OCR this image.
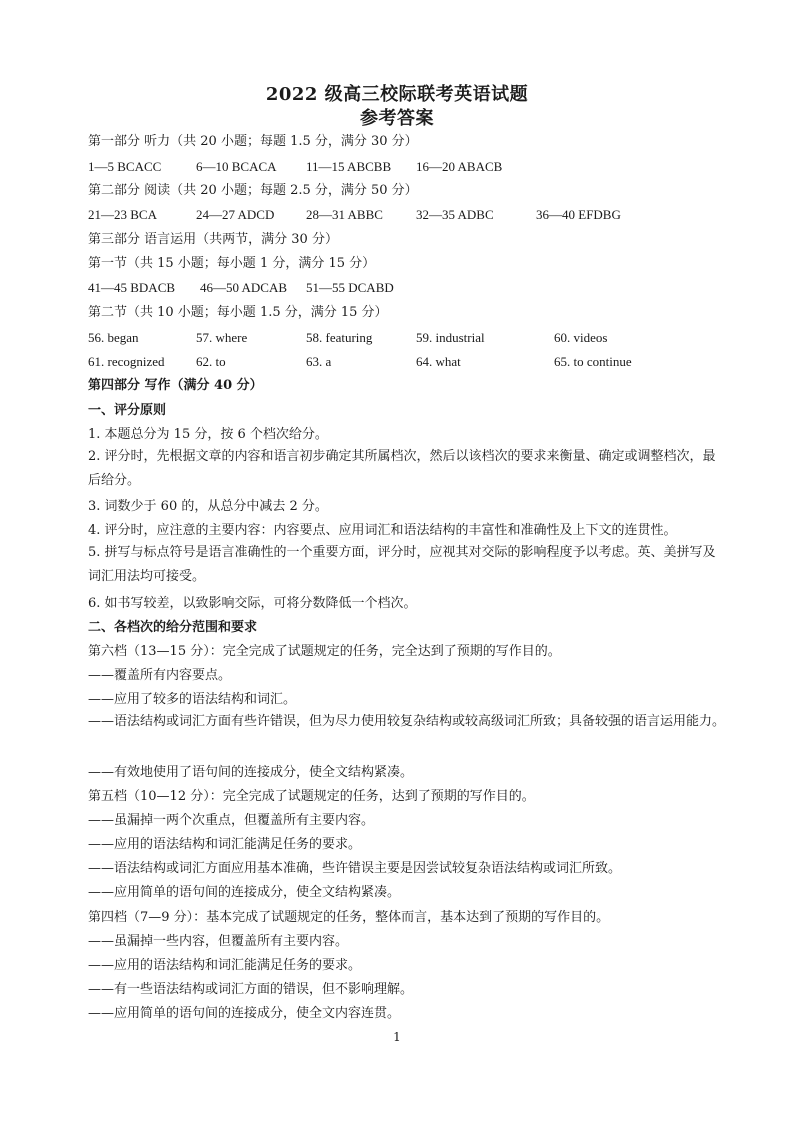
2022 级高三校际联考英语试题
参考答案
第一部分 听力（共 20 小题；每题 1.5 分，满分 30 分）
1—5 BCACC	6—10 BCACA 11—15 ABCBB 16—20 ABACB
第二部分 阅读（共 20 小题；每题 2.5 分，满分 50 分）
21—23 BCA	24—27 ADCD 28—31 ABBC	32—35 ADBC	36—40 EFDBG
第三部分 语言运用（共两节，满分 30 分）
第一节（共 15 小题；每小题 1 分，满分 15 分）
41—45 BDACB 46—50 ADCAB 51—55 DCABD
第二节（共 10 小题；每小题 1.5 分，满分 15 分）
56. began	57. where	58. featuring	59. industrial	60. videos
61. recognized 62. to	63. a	64. what	65. to continue
第四部分 写作（满分 40 分）
一、评分原则
1. 本题总分为 15 分，按 6 个档次给分。
2. 评分时，先根据文章的内容和语言初步确定其所属档次，然后以该档次的要求来衡量、确定或调整档次，最后给分。
3. 词数少于 60 的，从总分中减去 2 分。
4. 评分时，应注意的主要内容：内容要点、应用词汇和语法结构的丰富性和准确性及上下文的连贯性。
5. 拼写与标点符号是语言准确性的一个重要方面，评分时，应视其对交际的影响程度予以考虑。英、美拼写及词汇用法均可接受。
6. 如书写较差，以致影响交际，可将分数降低一个档次。
二、各档次的给分范围和要求
第六档（13—15 分）：完全完成了试题规定的任务，完全达到了预期的写作目的。
——覆盖所有内容要点。
——应用了较多的语法结构和词汇。
——语法结构或词汇方面有些许错误，但为尽力使用较复杂结构或较高级词汇所致；具备较强的语言运用能力。
——有效地使用了语句间的连接成分，使全文结构紧凑。
第五档（10—12 分）：完全完成了试题规定的任务，达到了预期的写作目的。
——虽漏掉一两个次重点，但覆盖所有主要内容。
——应用的语法结构和词汇能满足任务的要求。
——语法结构或词汇方面应用基本准确，些许错误主要是因尝试较复杂语法结构或词汇所致。
——应用简单的语句间的连接成分，使全文结构紧凑。
第四档（7—9 分）：基本完成了试题规定的任务，整体而言，基本达到了预期的写作目的。
——虽漏掉一些内容，但覆盖所有主要内容。
——应用的语法结构和词汇能满足任务的要求。
——有一些语法结构或词汇方面的错误，但不影响理解。
——应用简单的语句间的连接成分，使全文内容连贯。
1
